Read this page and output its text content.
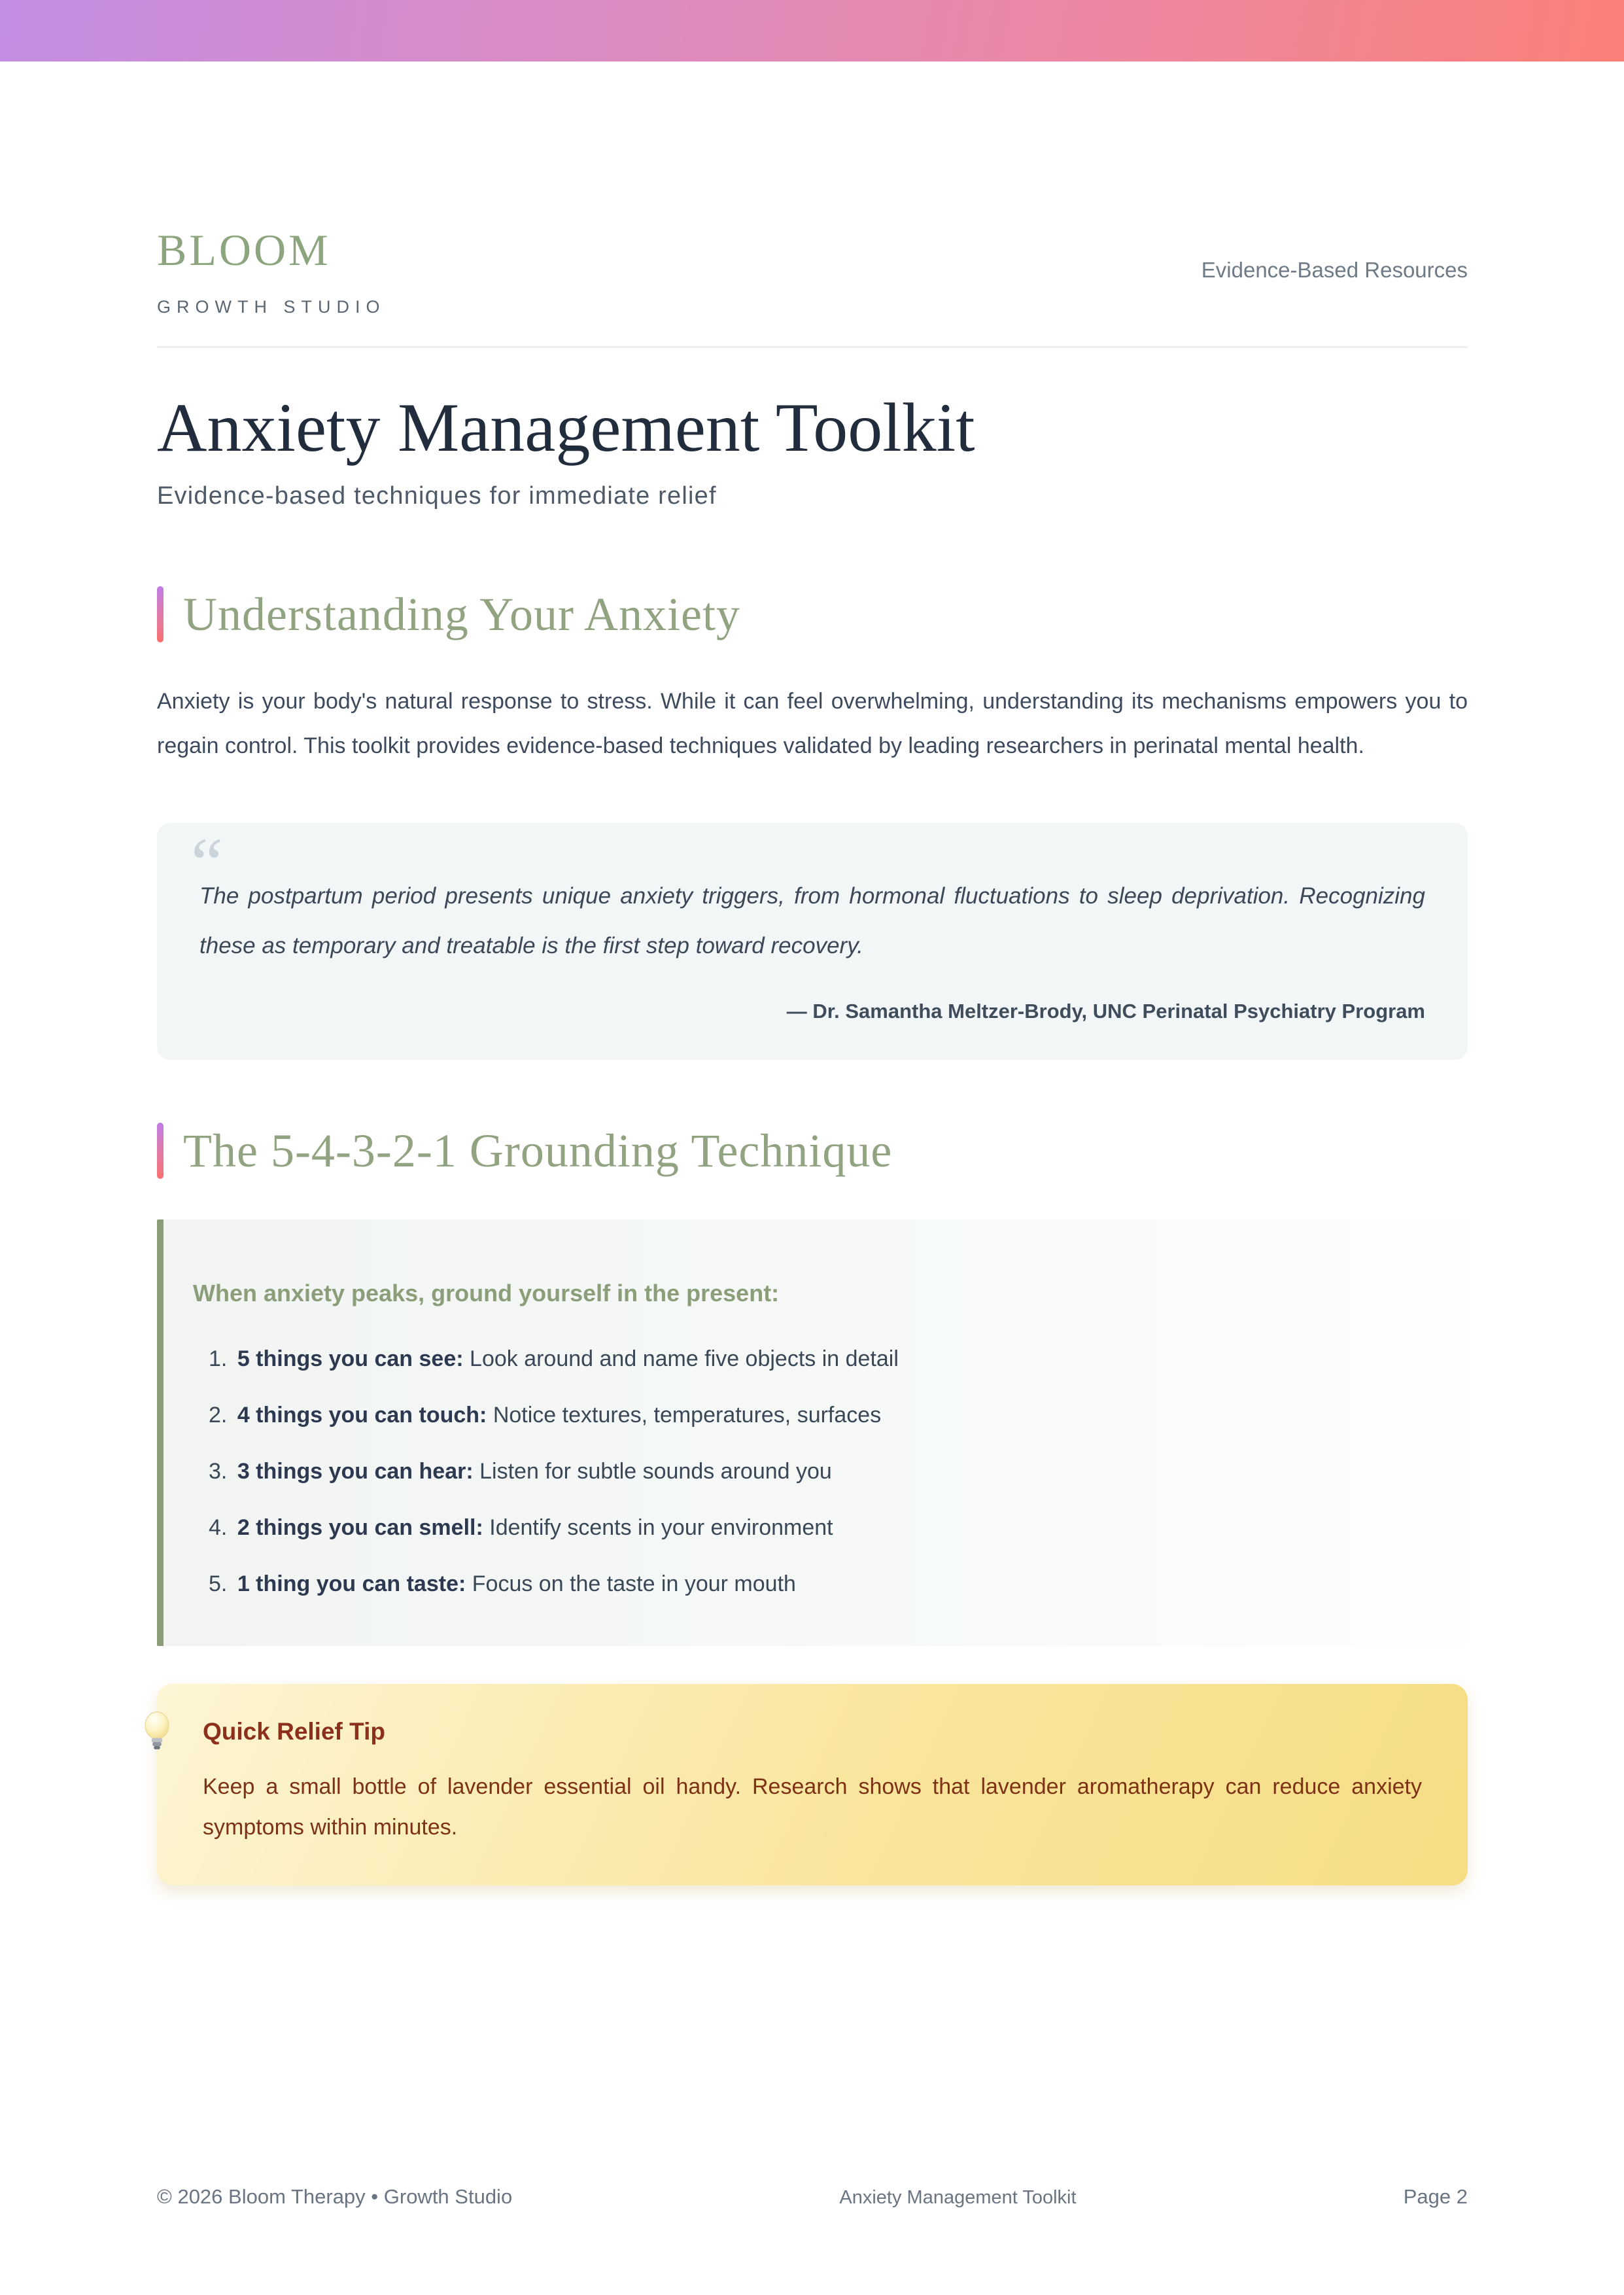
BLOOM
GROWTH STUDIO
Evidence-Based Resources
Anxiety Management Toolkit
Evidence-based techniques for immediate relief
Understanding Your Anxiety

Anxiety is your body's natural response to stress. While it can feel overwhelming, understanding its mechanisms empowers you to regain control. This toolkit provides evidence-based techniques validated by leading researchers in perinatal mental health.

“
The postpartum period presents unique anxiety triggers, from hormonal fluctuations to sleep deprivation. Recognizing these as temporary and treatable is the first step toward recovery.
— Dr. Samantha Meltzer-Brody, UNC Perinatal Psychiatry Program
The 5-4-3-2-1 Grounding Technique
When anxiety peaks, ground yourself in the present:
1. 5 things you can see: Look around and name five objects in detail
2. 4 things you can touch: Notice textures, temperatures, surfaces
3. 3 things you can hear: Listen for subtle sounds around you
4. 2 things you can smell: Identify scents in your environment
5. 1 thing you can taste: Focus on the taste in your mouth
Quick Relief Tip
Keep a small bottle of lavender essential oil handy. Research shows that lavender aromatherapy can reduce anxiety symptoms within minutes.
© 2026 Bloom Therapy • Growth Studio	Anxiety Management Toolkit	Page 2
